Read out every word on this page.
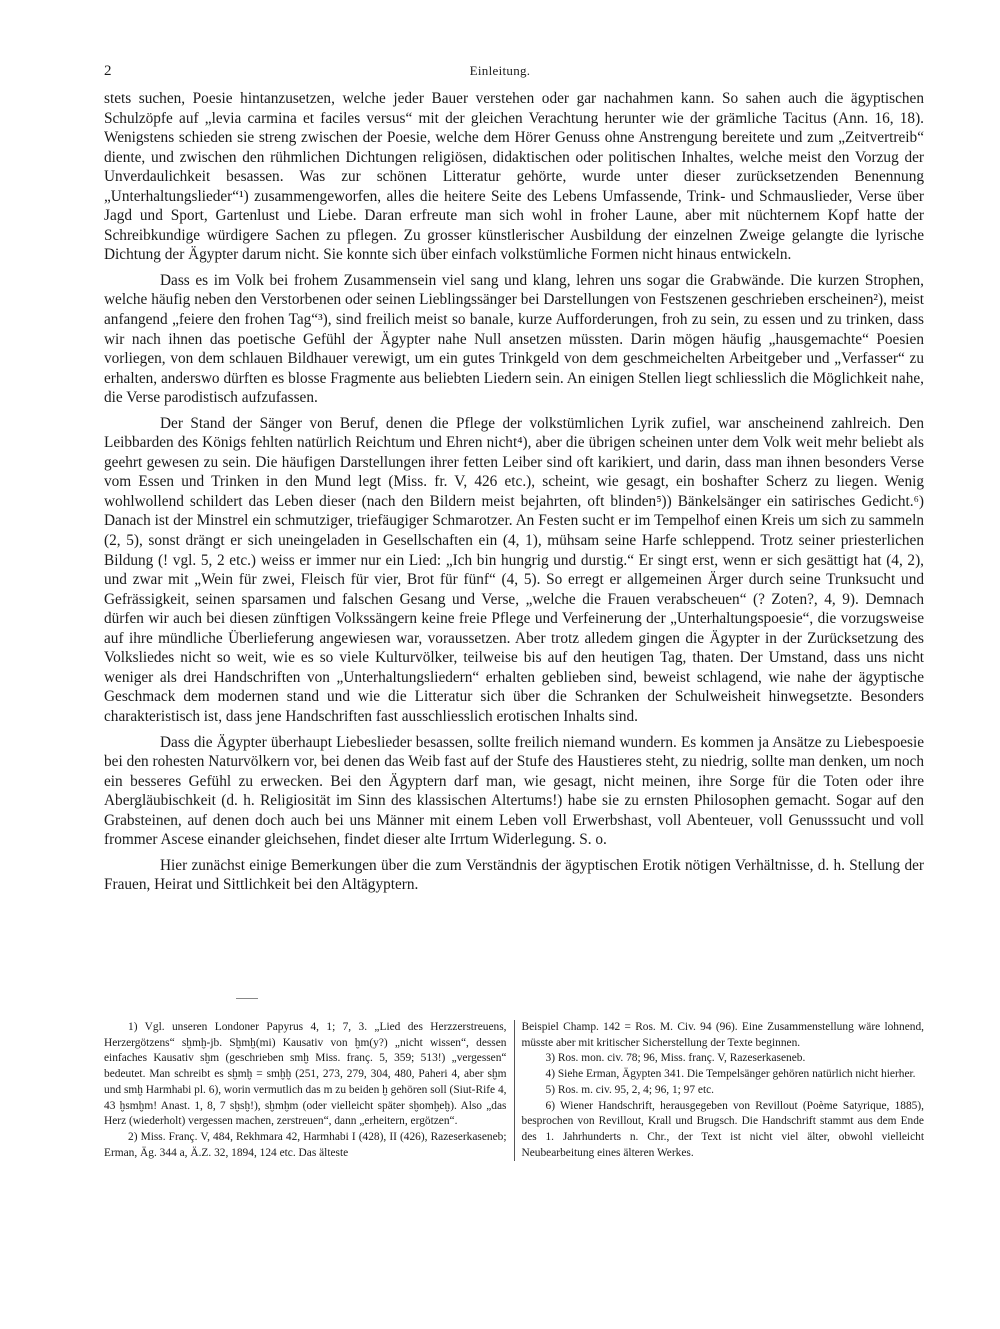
2	Einleitung.

stets suchen, Poesie hintanzusetzen, welche jeder Bauer verstehen oder gar nachahmen kann. So sahen auch die ägyptischen Schulzöpfe auf „levia carmina et faciles versus“ mit der gleichen Verachtung herunter wie der grämliche Tacitus (Ann. 16, 18). Wenigstens schieden sie streng zwischen der Poesie, welche dem Hörer Genuss ohne Anstrengung bereitete und zum „Zeitvertreib“ diente, und zwischen den rühmlichen Dichtungen religiösen, didaktischen oder politischen Inhaltes, welche meist den Vorzug der Unverdaulichkeit besassen. Was zur schönen Litteratur gehörte, wurde unter dieser zurücksetzenden Benennung „Unterhaltungslieder“¹) zusammengeworfen, alles die heitere Seite des Lebens Umfassende, Trink- und Schmauslieder, Verse über Jagd und Sport, Gartenlust und Liebe. Daran erfreute man sich wohl in froher Laune, aber mit nüchternem Kopf hatte der Schreibkundige würdigere Sachen zu pflegen. Zu grosser künstlerischer Ausbildung der einzelnen Zweige gelangte die lyrische Dichtung der Ägypter darum nicht. Sie konnte sich über einfach volkstümliche Formen nicht hinaus entwickeln.

Dass es im Volk bei frohem Zusammensein viel sang und klang, lehren uns sogar die Grabwände. Die kurzen Strophen, welche häufig neben den Verstorbenen oder seinen Lieblingssänger bei Darstellungen von Festszenen geschrieben erscheinen²), meist anfangend „feiere den frohen Tag“³), sind freilich meist so banale, kurze Aufforderungen, froh zu sein, zu essen und zu trinken, dass wir nach ihnen das poetische Gefühl der Ägypter nahe Null ansetzen müssten. Darin mögen häufig „hausgemachte“ Poesien vorliegen, von dem schlauen Bildhauer verewigt, um ein gutes Trinkgeld von dem geschmeichelten Arbeitgeber und „Verfasser“ zu erhalten, anderswo dürften es blosse Fragmente aus beliebten Liedern sein. An einigen Stellen liegt schliesslich die Möglichkeit nahe, die Verse parodistisch aufzufassen.

Der Stand der Sänger von Beruf, denen die Pflege der volkstümlichen Lyrik zufiel, war anscheinend zahlreich. Den Leibbarden des Königs fehlten natürlich Reichtum und Ehren nicht⁴), aber die übrigen scheinen unter dem Volk weit mehr beliebt als geehrt gewesen zu sein. Die häufigen Darstellungen ihrer fetten Leiber sind oft karikiert, und darin, dass man ihnen besonders Verse vom Essen und Trinken in den Mund legt (Miss. fr. V, 426 etc.), scheint, wie gesagt, ein boshafter Scherz zu liegen. Wenig wohlwollend schildert das Leben dieser (nach den Bildern meist bejahrten, oft blinden⁵)) Bänkelsänger ein satirisches Gedicht.⁶) Danach ist der Minstrel ein schmutziger, triefäugiger Schmarotzer. An Festen sucht er im Tempelhof einen Kreis um sich zu sammeln (2, 5), sonst drängt er sich uneingeladen in Gesellschaften ein (4, 1), mühsam seine Harfe schleppend. Trotz seiner priesterlichen Bildung (! vgl. 5, 2 etc.) weiss er immer nur ein Lied: „Ich bin hungrig und durstig.“ Er singt erst, wenn er sich gesättigt hat (4, 2), und zwar mit „Wein für zwei, Fleisch für vier, Brot für fünf“ (4, 5). So erregt er allgemeinen Ärger durch seine Trunksucht und Gefrässigkeit, seinen sparsamen und falschen Gesang und Verse, „welche die Frauen verabscheuen“ (? Zoten?, 4, 9). Demnach dürfen wir auch bei diesen zünftigen Volkssängern keine freie Pflege und Verfeinerung der „Unterhaltungspoesie“, die vorzugsweise auf ihre mündliche Überlieferung angewiesen war, voraussetzen. Aber trotz alledem gingen die Ägypter in der Zurücksetzung des Volksliedes nicht so weit, wie es so viele Kulturvölker, teilweise bis auf den heutigen Tag, thaten. Der Umstand, dass uns nicht weniger als drei Handschriften von „Unterhaltungsliedern“ erhalten geblieben sind, beweist schlagend, wie nahe der ägyptische Geschmack dem modernen stand und wie die Litteratur sich über die Schranken der Schulweisheit hinwegsetzte. Besonders charakteristisch ist, dass jene Handschriften fast ausschliesslich erotischen Inhalts sind.

Dass die Ägypter überhaupt Liebeslieder besassen, sollte freilich niemand wundern. Es kommen ja Ansätze zu Liebespoesie bei den rohesten Naturvölkern vor, bei denen das Weib fast auf der Stufe des Haustieres steht, zu niedrig, sollte man denken, um noch ein besseres Gefühl zu erwecken. Bei den Ägyptern darf man, wie gesagt, nicht meinen, ihre Sorge für die Toten oder ihre Abergläubischkeit (d. h. Religiosität im Sinn des klassischen Altertums!) habe sie zu ernsten Philosophen gemacht. Sogar auf den Grabsteinen, auf denen doch auch bei uns Männer mit einem Leben voll Erwerbshast, voll Abenteuer, voll Genusssucht und voll frommer Ascese einander gleichsehen, findet dieser alte Irrtum Widerlegung. S. o.

Hier zunächst einige Bemerkungen über die zum Verständnis der ägyptischen Erotik nötigen Verhältnisse, d. h. Stellung der Frauen, Heirat und Sittlichkeit bei den Altägyptern.

1) Vgl. unseren Londoner Papyrus 4, 1; 7, 3. „Lied des Herzzerstreuens, Herzergötzens“ sḫmḫ-jb. Sḫmḫ(mi) Kausativ von ḫm(y?) „nicht wissen“, dessen einfaches Kausativ sḫm (geschrieben smḫ Miss. franç. 5, 359; 513!) „vergessen“ bedeutet. Man schreibt es sḫmḫ = smḫḫ (251, 273, 279, 304, 480, Paheri 4, aber sḫm und smḫ Harmhabi pl. 6), worin vermutlich das m zu beiden ḫ gehören soll (Siut-Rife 4, 43 ḫsmḫm! Anast. 1, 8, 7 sḫsḫ!), sḫmḫm (oder vielleicht später sḫomḫeḫ). Also „das Herz (wiederholt) vergessen machen, zerstreuen“, dann „erheitern, ergötzen“.

2) Miss. Franç. V, 484, Rekhmara 42, Harmhabi I (428), II (426), Razeserkaseneb; Erman, Äg. 344 a, Ä.Z. 32, 1894, 124 etc. Das älteste

Beispiel Champ. 142 = Ros. M. Civ. 94 (96). Eine Zusammenstellung wäre lohnend, müsste aber mit kritischer Sicherstellung der Texte beginnen.

3) Ros. mon. civ. 78; 96, Miss. franç. V, Razeserkaseneb.

4) Siehe Erman, Ägypten 341. Die Tempelsänger gehören natürlich nicht hierher.

5) Ros. m. civ. 95, 2, 4; 96, 1; 97 etc.

6) Wiener Handschrift, herausgegeben von Revillout (Poème Satyrique, 1885), besprochen von Revillout, Krall und Brugsch. Die Handschrift stammt aus dem Ende des 1. Jahrhunderts n. Chr., der Text ist nicht viel älter, obwohl vielleicht Neubearbeitung eines älteren Werkes.
